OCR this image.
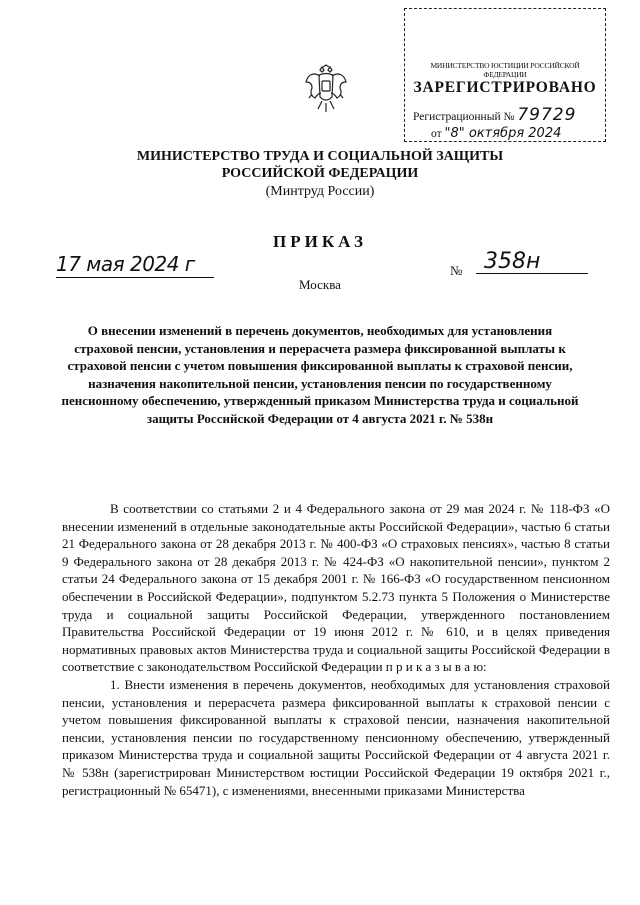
МИНИСТЕРСТВО ЮСТИЦИИ РОССИЙСКОЙ ФЕДЕРАЦИИ
ЗАРЕГИСТРИРОВАНО
Регистрационный № 79729
от "8" октября 2024
МИНИСТЕРСТВО ТРУДА И СОЦИАЛЬНОЙ ЗАЩИТЫ
РОССИЙСКОЙ ФЕДЕРАЦИИ
(Минтруд России)
ПРИКАЗ
17 мая 2024 г	№ 358н
Москва
О внесении изменений в перечень документов, необходимых для установления страховой пенсии, установления и перерасчета размера фиксированной выплаты к страховой пенсии с учетом повышения фиксированной выплаты к страховой пенсии, назначения накопительной пенсии, установления пенсии по государственному пенсионному обеспечению, утвержденный приказом Министерства труда и социальной защиты Российской Федерации от 4 августа 2021 г. № 538н

В соответствии со статьями 2 и 4 Федерального закона от 29 мая 2024 г. № 118-ФЗ «О внесении изменений в отдельные законодательные акты Российской Федерации», частью 6 статьи 21 Федерального закона от 28 декабря 2013 г. № 400-ФЗ «О страховых пенсиях», частью 8 статьи 9 Федерального закона от 28 декабря 2013 г. № 424-ФЗ «О накопительной пенсии», пунктом 2 статьи 24 Федерального закона от 15 декабря 2001 г. № 166-ФЗ «О государственном пенсионном обеспечении в Российской Федерации», подпунктом 5.2.73 пункта 5 Положения о Министерстве труда и социальной защиты Российской Федерации, утвержденного постановлением Правительства Российской Федерации от 19 июня 2012 г. № 610, и в целях приведения нормативных правовых актов Министерства труда и социальной защиты Российской Федерации в соответствие с законодательством Российской Федерации п р и к а з ы в а ю:

1. Внести изменения в перечень документов, необходимых для установления страховой пенсии, установления и перерасчета размера фиксированной выплаты к страховой пенсии с учетом повышения фиксированной выплаты к страховой пенсии, назначения накопительной пенсии, установления пенсии по государственному пенсионному обеспечению, утвержденный приказом Министерства труда и социальной защиты Российской Федерации от 4 августа 2021 г. № 538н (зарегистрирован Министерством юстиции Российской Федерации 19 октября 2021 г., регистрационный № 65471), с изменениями, внесенными приказами Министерства
